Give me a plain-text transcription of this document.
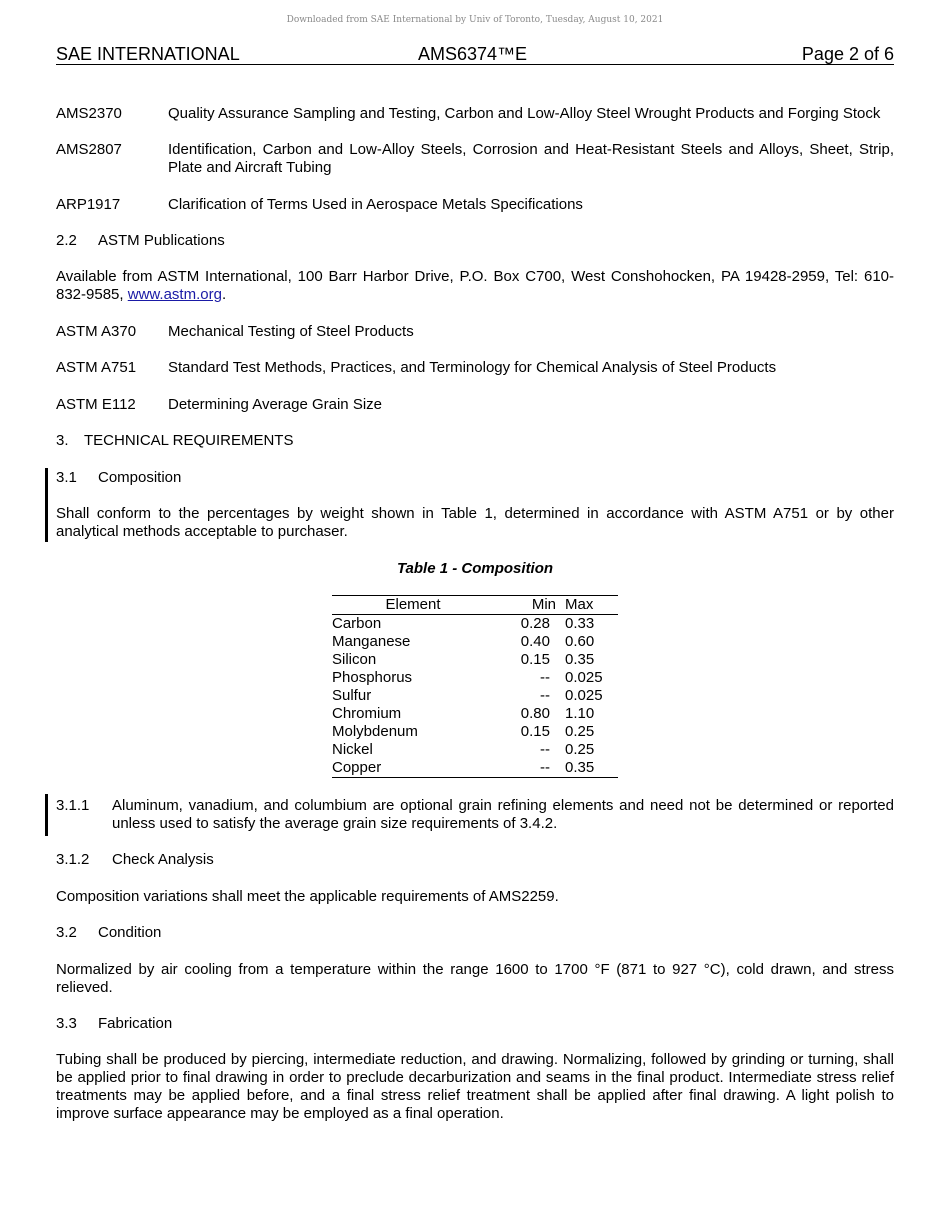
Downloaded from SAE International by Univ of Toronto, Tuesday, August 10, 2021
SAE INTERNATIONAL	AMS6374™E	Page 2 of 6
AMS2370	Quality Assurance Sampling and Testing, Carbon and Low-Alloy Steel Wrought Products and Forging Stock
AMS2807	Identification, Carbon and Low-Alloy Steels, Corrosion and Heat-Resistant Steels and Alloys, Sheet, Strip, Plate and Aircraft Tubing
ARP1917	Clarification of Terms Used in Aerospace Metals Specifications
2.2 ASTM Publications
Available from ASTM International, 100 Barr Harbor Drive, P.O. Box C700, West Conshohocken, PA 19428-2959, Tel: 610-832-9585, www.astm.org.
ASTM A370 Mechanical Testing of Steel Products
ASTM A751 Standard Test Methods, Practices, and Terminology for Chemical Analysis of Steel Products
ASTM E112 Determining Average Grain Size
3. TECHNICAL REQUIREMENTS
3.1 Composition
Shall conform to the percentages by weight shown in Table 1, determined in accordance with ASTM A751 or by other analytical methods acceptable to purchaser.
Table 1 - Composition
Element	Min	Max
Carbon	0.28	0.33
Manganese	0.40	0.60
Silicon	0.15	0.35
Phosphorus	--	0.025
Sulfur	--	0.025
Chromium	0.80	1.10
Molybdenum	0.15	0.25
Nickel	--	0.25
Copper	--	0.35
3.1.1 Aluminum, vanadium, and columbium are optional grain refining elements and need not be determined or reported unless used to satisfy the average grain size requirements of 3.4.2.
3.1.2 Check Analysis
Composition variations shall meet the applicable requirements of AMS2259.
3.2 Condition
Normalized by air cooling from a temperature within the range 1600 to 1700 °F (871 to 927 °C), cold drawn, and stress relieved.
3.3 Fabrication
Tubing shall be produced by piercing, intermediate reduction, and drawing. Normalizing, followed by grinding or turning, shall be applied prior to final drawing in order to preclude decarburization and seams in the final product. Intermediate stress relief treatments may be applied before, and a final stress relief treatment shall be applied after final drawing. A light polish to improve surface appearance may be employed as a final operation.
